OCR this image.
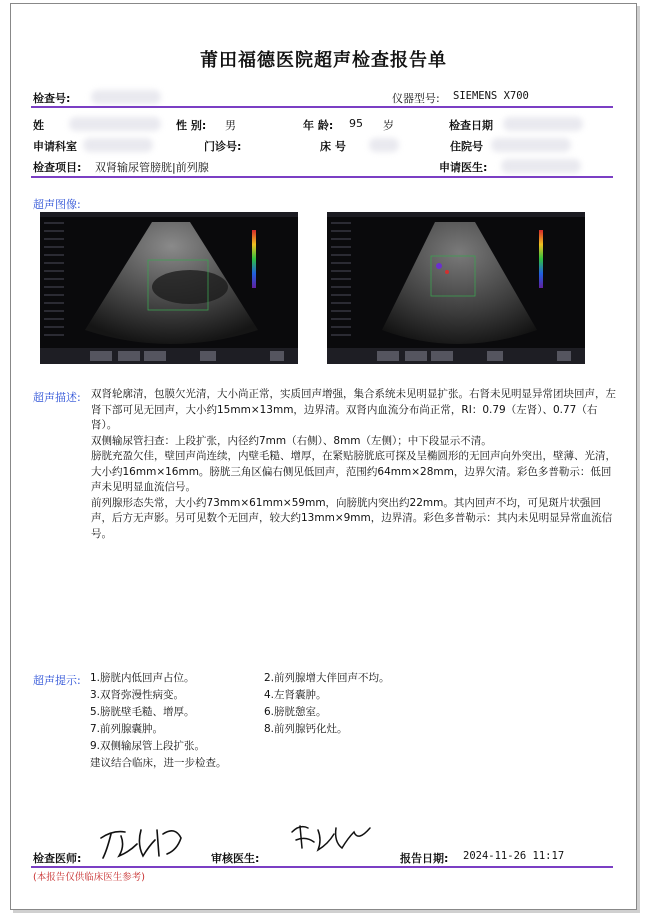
莆田福德医院超声检查报告单
检查号:	仪器型号: SIEMENS X700
姓	性 别: 男	年 龄: 95 岁	检查日期
申请科室	门诊号:	床 号	住院号
检查项目: 双肾输尿管膀胱|前列腺	申请医生:
超声图像:
超声描述: 双肾轮廓清，包膜欠光清，大小尚正常，实质回声增强，集合系统未见明显扩张。右肾未见明显异常团块回声，左肾下部可见无回声，大小约15mm×13mm，边界清。双肾内血流分布尚正常，RI：0.79（左肾）、0.77（右肾）。

双侧输尿管扫查：上段扩张，内径约7mm（右侧）、8mm（左侧）；中下段显示不清。

膀胱充盈欠佳，壁回声尚连续，内壁毛糙、增厚，在紧贴膀胱底可探及呈椭圆形的无回声向外突出，壁薄、光清，大小约16mm×16mm。膀胱三角区偏右侧见低回声，范围约64mm×28mm，边界欠清。彩色多普勒示：低回声未见明显血流信号。

前列腺形态失常，大小约73mm×61mm×59mm，向膀胱内突出约22mm。其内回声不均，可见斑片状强回声，后方无声影。另可见数个无回声，较大约13mm×9mm，边界清。彩色多普勒示：其内未见明显异常血流信号。

超声提示: 1.膀胱内低回声占位。	2.前列腺增大伴回声不均。
3.双肾弥漫性病变。	4.左肾囊肿。
5.膀胱壁毛糙、增厚。	6.膀胱憩室。
7.前列腺囊肿。	8.前列腺钙化灶。
9.双侧输尿管上段扩张。
建议结合临床，进一步检查。
检查医师:	审核医生:	报告日期: 2024-11-26 11:17
(本报告仅供临床医生参考)
